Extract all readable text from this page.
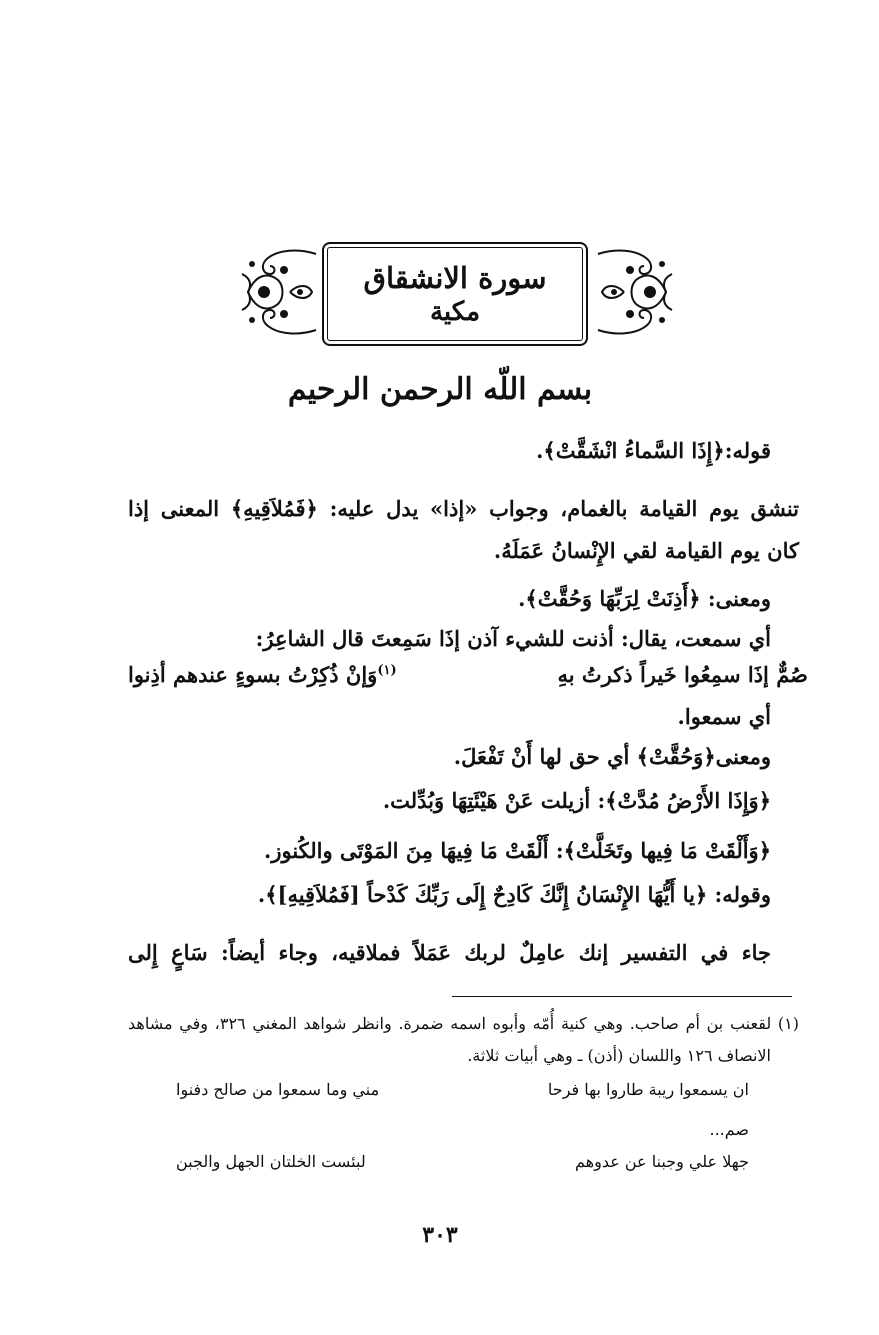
سورة الانشقاق
مكية
بسم اللّه الرحمن الرحيم
قوله:﴿إِذَا السَّماءُ انْشَقَّتْ﴾.
تنشق يوم القيامة بالغمام، وجواب «إذا» يدل عليه: ﴿فَمُلاَقِيهِ﴾ المعنى إذا
كان يوم القيامة لقي الإِنْسانُ عَمَلَهُ.
ومعنى: ﴿أَذِنَتْ لِرَبِّهَا وَحُقَّتْ﴾.
أي سمعت، يقال: أذنت للشيء آذن إذَا سَمِعتَ قال الشاعِرُ:
صُمٌّ إذَا سمِعُوا خَيراً ذكرتُ بهِ
$^{(١)}$وَإنْ ذُكِرْتُ بسوءٍ عندهم أذِنوا
أي سمعوا.
ومعنى﴿وَحُقَّتْ﴾ أي حق لها أَنْ تَفْعَلَ.
﴿وَإِذَا الأَرْضُ مُدَّتْ﴾: أزيلت عَنْ هَيْئَتِهَا وَبُدِّلت.
﴿وَأَلْقَتْ مَا فِيها وتَخَلَّتْ﴾: أَلْقَتْ مَا فِيهَا مِنَ المَوْتَى والكُنوز.
وقوله: ﴿يا أَيُّهَا الإِنْسَانُ إِنَّكَ كَادِحٌ إِلَى رَبِّكَ كَدْحاً [فَمُلاَقِيهِ]﴾.
جاء في التفسير إنك عامِلٌ لربك عَمَلاً فملاقيه، وجاء أيضاً: سَاعٍ إِلى
(١) لقعنب بن أم صاحب. وهي كنية أُمّه وأبوه اسمه ضمرة. وانظر شواهد المغني ٣٢٦، وفي مشاهد
الانصاف ١٢٦ واللسان (أذن) ـ وهي أبيات ثلاثة.
ان يسمعوا ريبة طاروا بها فرحا
مني وما سمعوا من صالح دفنوا
صم...
جهلا علي وجبنا عن عدوهم
لبئست الخلتان الجهل والجبن
٣٠٣
